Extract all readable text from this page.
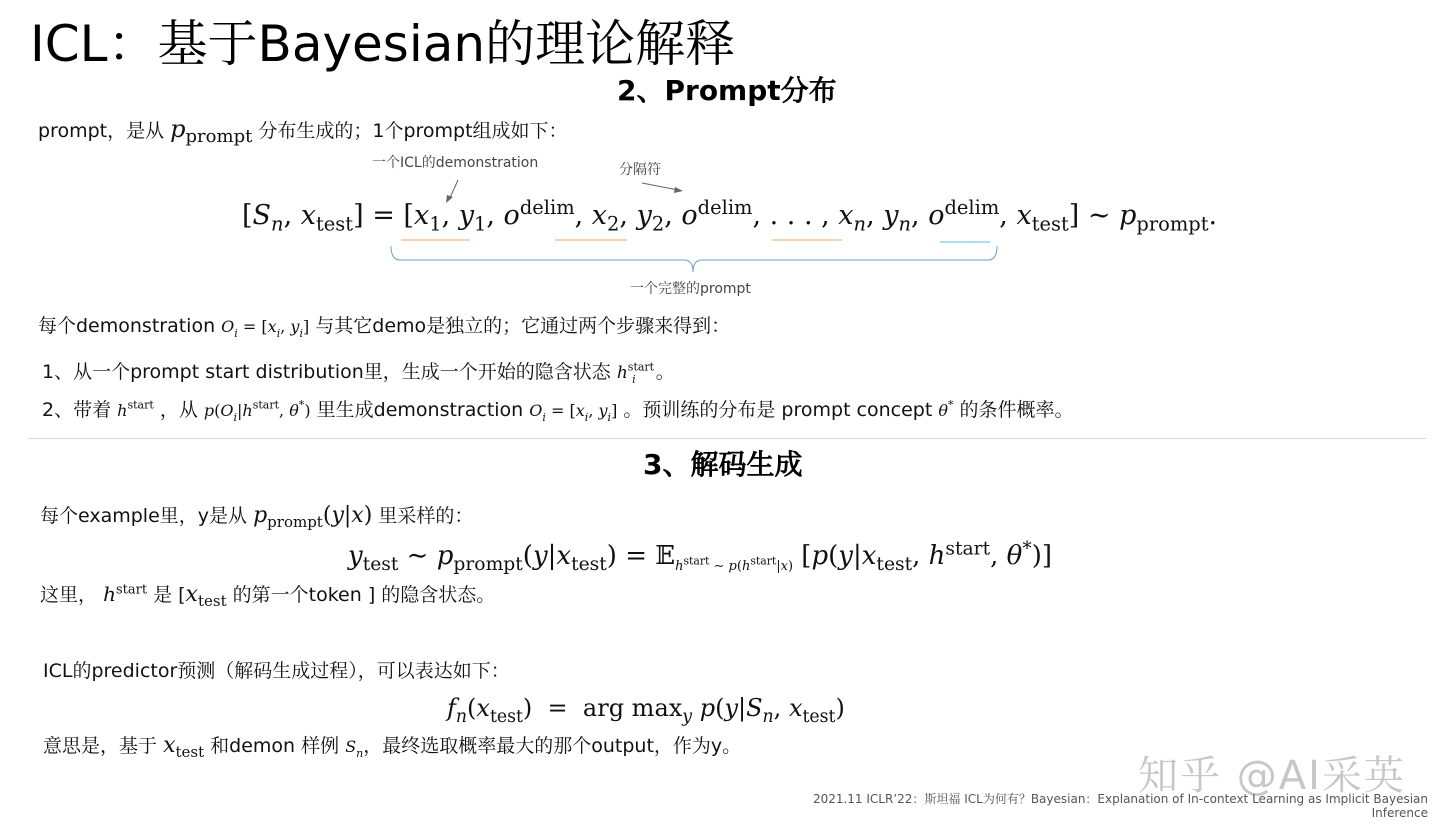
ICL：基于Bayesian的理论解释
2、Prompt分布
prompt，是从 $p_{prompt}$ 分布生成的；1个prompt组成如下：
一个ICL的demonstration	分隔符
[$S_n$, $x_{test}] = [x_1$, $y_1$, $o^{delim}$, $x_2$, $y_2$, $o^{delim}$, . . . , $x_n$, $y_n$, $o^{delim}$, $x_{test}$] ∼ $p_{prompt}$.
一个完整的prompt
每个demonstration $O_i = [x_i$, $y_i$] 与其它demo是独立的；它通过两个步骤来得到：
1、从一个prompt start distribution里，生成一个开始的隐含状态 $h^{start}_i$ 。
2、带着 $h^{start}$ ，从 $p(O_i|h^{start}$, θ*) 里生成demonstraction $O_i = [x_i$, $y_i$] 。预训练的分布是 prompt concept θ* 的条件概率。
3、解码生成
每个example里，y是从 $p_{prompt}(y|x)$ 里采样的：
$y_{test}$ ∼ $p_{prompt}(y|x_{test})$ = 𝔼$_{h^{start} \sim p(h^{start}|x)}$ [$p(y|x_{test}$, $h^{start}$, θ*)]
这里， $h^{start}$ 是 [$x_{test}$ 的第一个token ] 的隐含状态。
ICL的predictor预测（解码生成过程），可以表达如下：
$f_n(x_{test})$  =  arg $\max_y p(y|S_n$, $x_{test}$)
意思是，基于 $x_{test}$ 和demon 样例 $S_n$，最终选取概率最大的那个output，作为y。
知乎 @AI采英
2021.11 ICLR’22：斯坦福 ICL为何有？Bayesian：Explanation of In-context Learning as Implicit Bayesian Inference
